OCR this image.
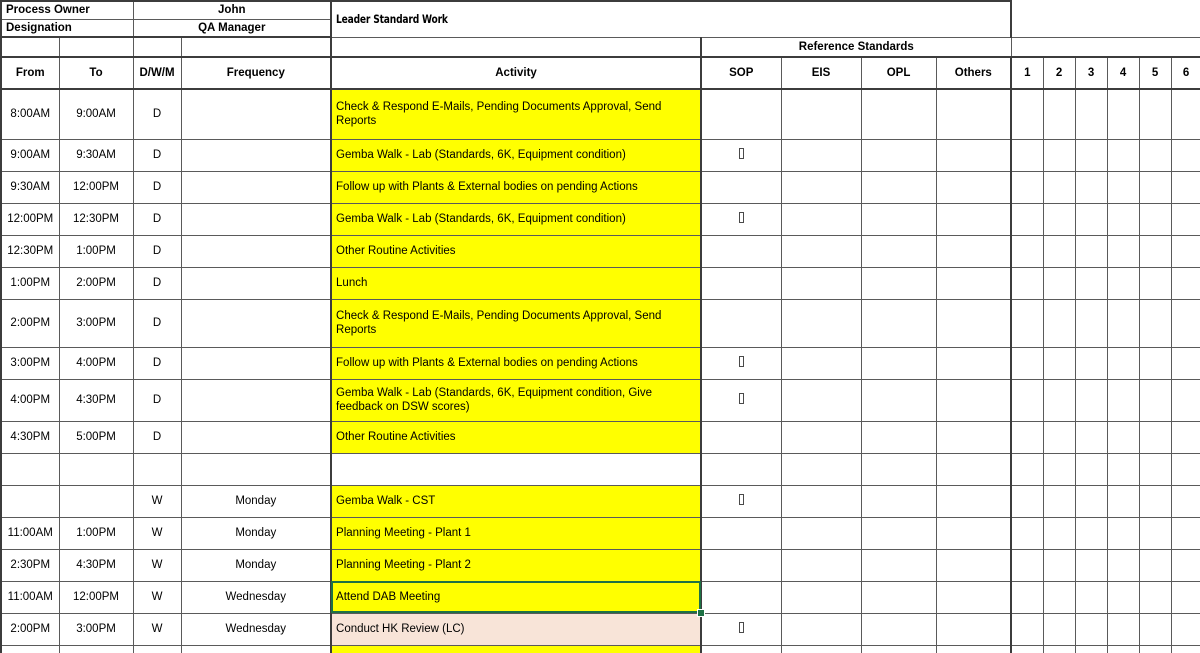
Process Owner		John		Leader Standard Work										
Designation		QA Manager												
					Reference Standards									
From	To	D/W/M	Frequency	Activity	SOP	EIS	OPL	Others	1	2	3	4	5	6
8:00AM	9:00AM	D		Check & Respond E-Mails, Pending Documents Approval, Send Reports										
9:00AM	9:30AM	D		Gemba Walk - Lab (Standards, 6K, Equipment condition)										
9:30AM	12:00PM	D		Follow up with Plants & External bodies on pending Actions										
12:00PM	12:30PM	D		Gemba Walk - Lab (Standards, 6K, Equipment condition)										
12:30PM	1:00PM	D		Other Routine Activities										
1:00PM	2:00PM	D		Lunch										
2:00PM	3:00PM	D		Check & Respond E-Mails, Pending Documents Approval, Send Reports										
3:00PM	4:00PM	D		Follow up with Plants & External bodies on pending Actions										
4:00PM	4:30PM	D		Gemba Walk - Lab (Standards, 6K, Equipment condition, Give feedback on DSW scores)										
4:30PM	5:00PM	D		Other Routine Activities										

		W	Monday	Gemba Walk - CST										
11:00AM	1:00PM	W	Monday	Planning Meeting - Plant 1										
2:30PM	4:30PM	W	Monday	Planning Meeting - Plant 2										
11:00AM	12:00PM	W	Wednesday	Attend DAB Meeting										
2:00PM	3:00PM	W	Wednesday	Conduct HK Review (LC)										
